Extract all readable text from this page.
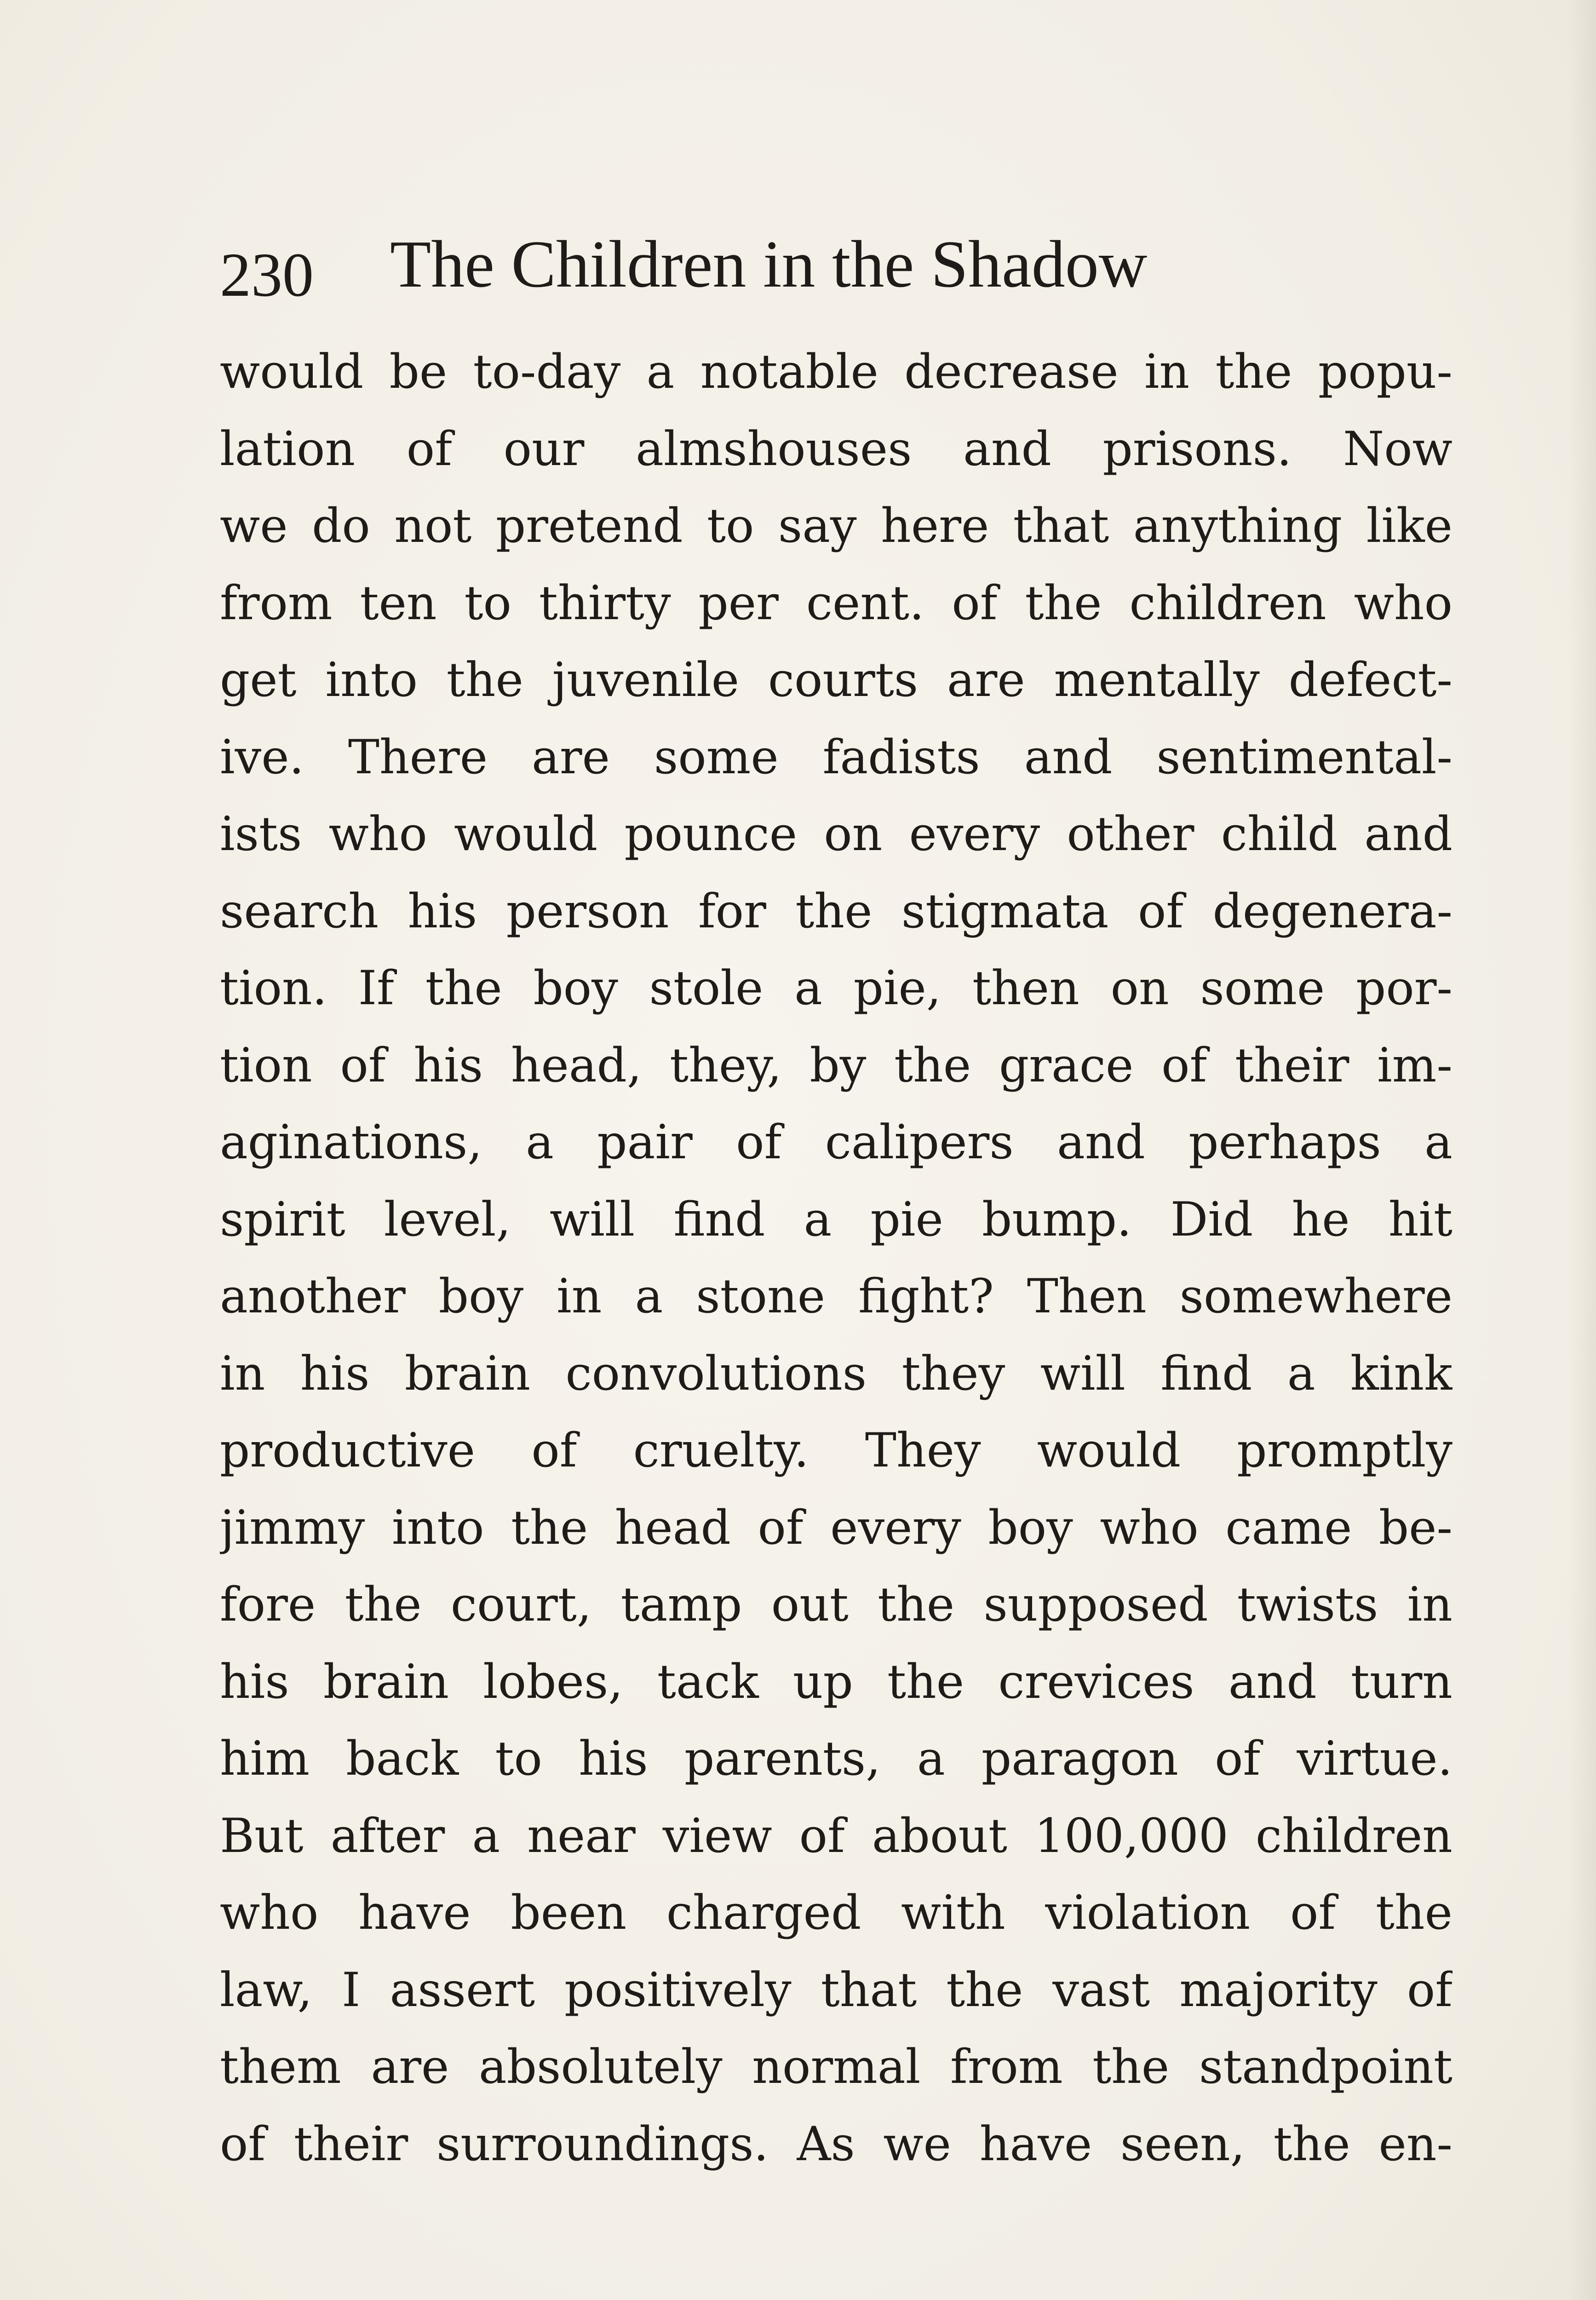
230 The Children in the Shadow
would be to-day a notable decrease in the popu-
lation of our almshouses and prisons. Now
we do not pretend to say here that anything like
from ten to thirty per cent. of the children who
get into the juvenile courts are mentally defect-
ive. There are some fadists and sentimental-
ists who would pounce on every other child and
search his person for the stigmata of degenera-
tion. If the boy stole a pie, then on some por-
tion of his head, they, by the grace of their im-
aginations, a pair of calipers and perhaps a
spirit level, will find a pie bump. Did he hit
another boy in a stone fight? Then somewhere
in his brain convolutions they will find a kink
productive of cruelty. They would promptly
jimmy into the head of every boy who came be-
fore the court, tamp out the supposed twists in
his brain lobes, tack up the crevices and turn
him back to his parents, a paragon of virtue.
But after a near view of about 100,000 children
who have been charged with violation of the
law, I assert positively that the vast majority of
them are absolutely normal from the standpoint
of their surroundings. As we have seen, the en-
